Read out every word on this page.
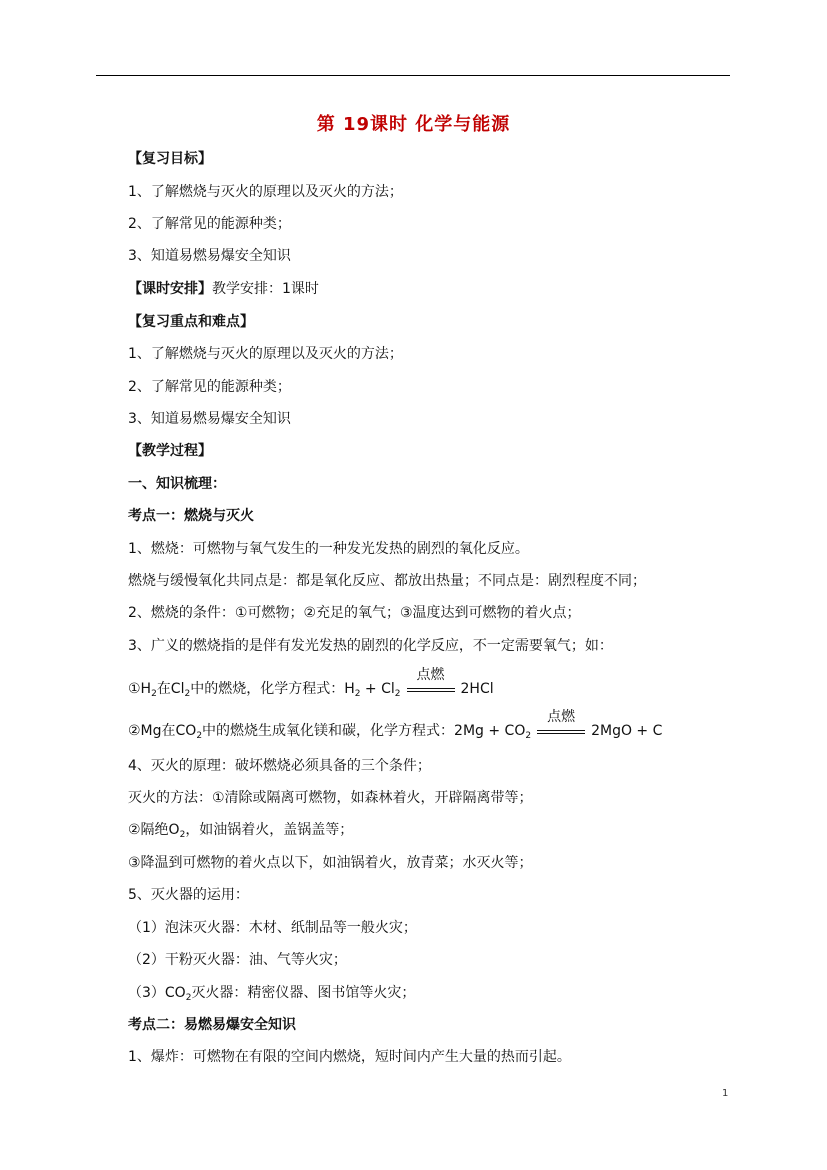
第 19课时 化学与能源
【复习目标】
1、了解燃烧与灭火的原理以及灭火的方法；
2、了解常见的能源种类；
3、知道易燃易爆安全知识
【课时安排】教学安排：1课时
【复习重点和难点】
1、了解燃烧与灭火的原理以及灭火的方法；
2、了解常见的能源种类；
3、知道易燃易爆安全知识
【教学过程】
一、知识梳理：
考点一：燃烧与灭火
1、燃烧：可燃物与氧气发生的一种发光发热的剧烈的氧化反应。
燃烧与缓慢氧化共同点是：都是氧化反应、都放出热量；不同点是：剧烈程度不同；
2、燃烧的条件：①可燃物；②充足的氧气；③温度达到可燃物的着火点；
3、广义的燃烧指的是伴有发光发热的剧烈的化学反应，不一定需要氧气；如：
$①H_2$在$Cl_2$中的燃烧，化学方程式：$H_2 + Cl_2$
点燃
2HCl
②Mg在$CO_2$中的燃烧生成氧化镁和碳，化学方程式：$2Mg + CO_2$
点燃
2MgO + C
4、灭火的原理：破坏燃烧必须具备的三个条件；
灭火的方法：①清除或隔离可燃物，如森林着火，开辟隔离带等；
②隔绝$O_2$，如油锅着火，盖锅盖等；
③降温到可燃物的着火点以下，如油锅着火，放青菜；水灭火等；
5、灭火器的运用：
（1）泡沫灭火器：木材、纸制品等一般火灾；
（2）干粉灭火器：油、气等火灾；
$(3)CO_2$灭火器：精密仪器、图书馆等火灾；
考点二：易燃易爆安全知识
1、爆炸：可燃物在有限的空间内燃烧，短时间内产生大量的热而引起。
1
